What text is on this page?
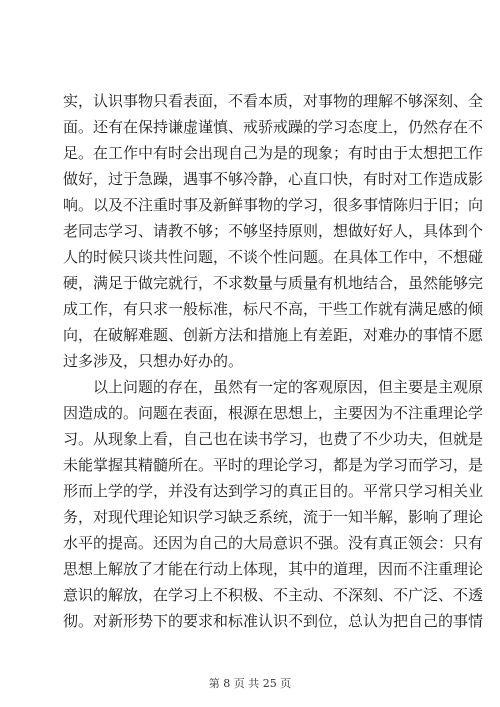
实，认识事物只看表面，不看本质，对事物的理解不够深刻、全
面。还有在保持谦虚谨慎、戒骄戒躁的学习态度上，仍然存在不
足。在工作中有时会出现自己为是的现象；有时由于太想把工作
做好，过于急躁，遇事不够冷静，心直口快，有时对工作造成影
响。以及不注重时事及新鲜事物的学习，很多事情陈归于旧；向
老同志学习、请教不够；不够坚持原则，想做好好人，具体到个
人的时候只谈共性问题，不谈个性问题。在具体工作中，不想碰
硬，满足于做完就行，不求数量与质量有机地结合，虽然能够完
成工作，有只求一般标准，标尺不高，干些工作就有满足感的倾
向，在破解难题、创新方法和措施上有差距，对难办的事情不愿
过多涉及，只想办好办的。
以上问题的存在，虽然有一定的客观原因，但主要是主观原
因造成的。问题在表面，根源在思想上，主要因为不注重理论学
习。从现象上看，自己也在读书学习，也费了不少功夫，但就是
未能掌握其精髓所在。平时的理论学习，都是为学习而学习，是
形而上学的学，并没有达到学习的真正目的。平常只学习相关业
务，对现代理论知识学习缺乏系统，流于一知半解，影响了理论
水平的提高。还因为自己的大局意识不强。没有真正领会：只有
思想上解放了才能在行动上体现，其中的道理，因而不注重理论
意识的解放，在学习上不积极、不主动、不深刻、不广泛、不透
彻。对新形势下的要求和标准认识不到位，总认为把自己的事情
第 8 页 共 25 页
